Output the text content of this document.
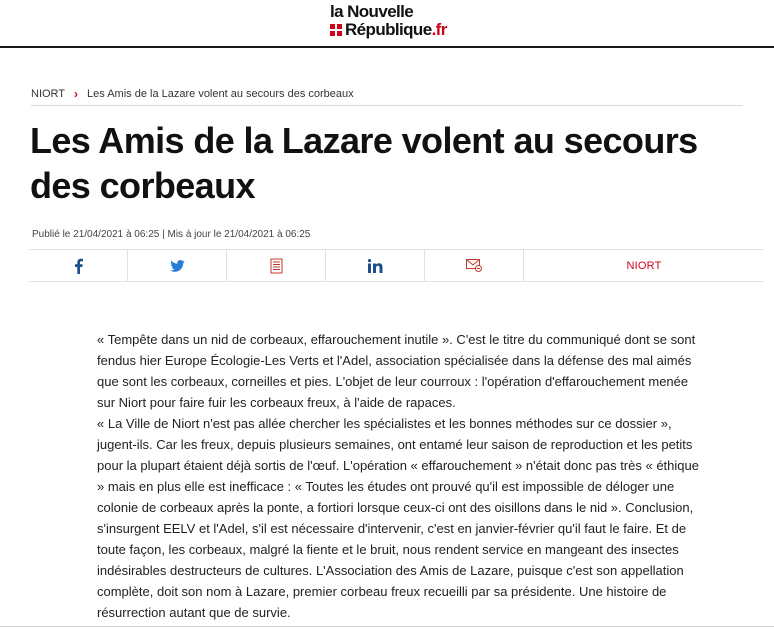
la Nouvelle
République.fr
NIORT › Les Amis de la Lazare volent au secours des corbeaux
Les Amis de la Lazare volent au secours des corbeaux
Publié le 21/04/2021 à 06:25 | Mis à jour le 21/04/2021 à 06:25
NIORT

« Tempête dans un nid de corbeaux, effarouchement inutile ». C'est le titre du communiqué dont se sont fendus hier Europe Écologie-Les Verts et l'Adel, association spécialisée dans la défense des mal aimés que sont les corbeaux, corneilles et pies. L'objet de leur courroux : l'opération d'effarouchement menée sur Niort pour faire fuir les corbeaux freux, à l'aide de rapaces.

« La Ville de Niort n'est pas allée chercher les spécialistes et les bonnes méthodes sur ce dossier », jugent-ils. Car les freux, depuis plusieurs semaines, ont entamé leur saison de reproduction et les petits pour la plupart étaient déjà sortis de l'œuf. L'opération « effarouchement » n'était donc pas très « éthique » mais en plus elle est inefficace : « Toutes les études ont prouvé qu'il est impossible de déloger une colonie de corbeaux après la ponte, a fortiori lorsque ceux-ci ont des oisillons dans le nid ». Conclusion, s'insurgent EELV et l'Adel, s'il est nécessaire d'intervenir, c'est en janvier-février qu'il faut le faire. Et de toute façon, les corbeaux, malgré la fiente et le bruit, nous rendent service en mangeant des insectes indésirables destructeurs de cultures. L'Association des Amis de Lazare, puisque c'est son appellation complète, doit son nom à Lazare, premier corbeau freux recueilli par sa présidente. Une histoire de résurrection autant que de survie.
